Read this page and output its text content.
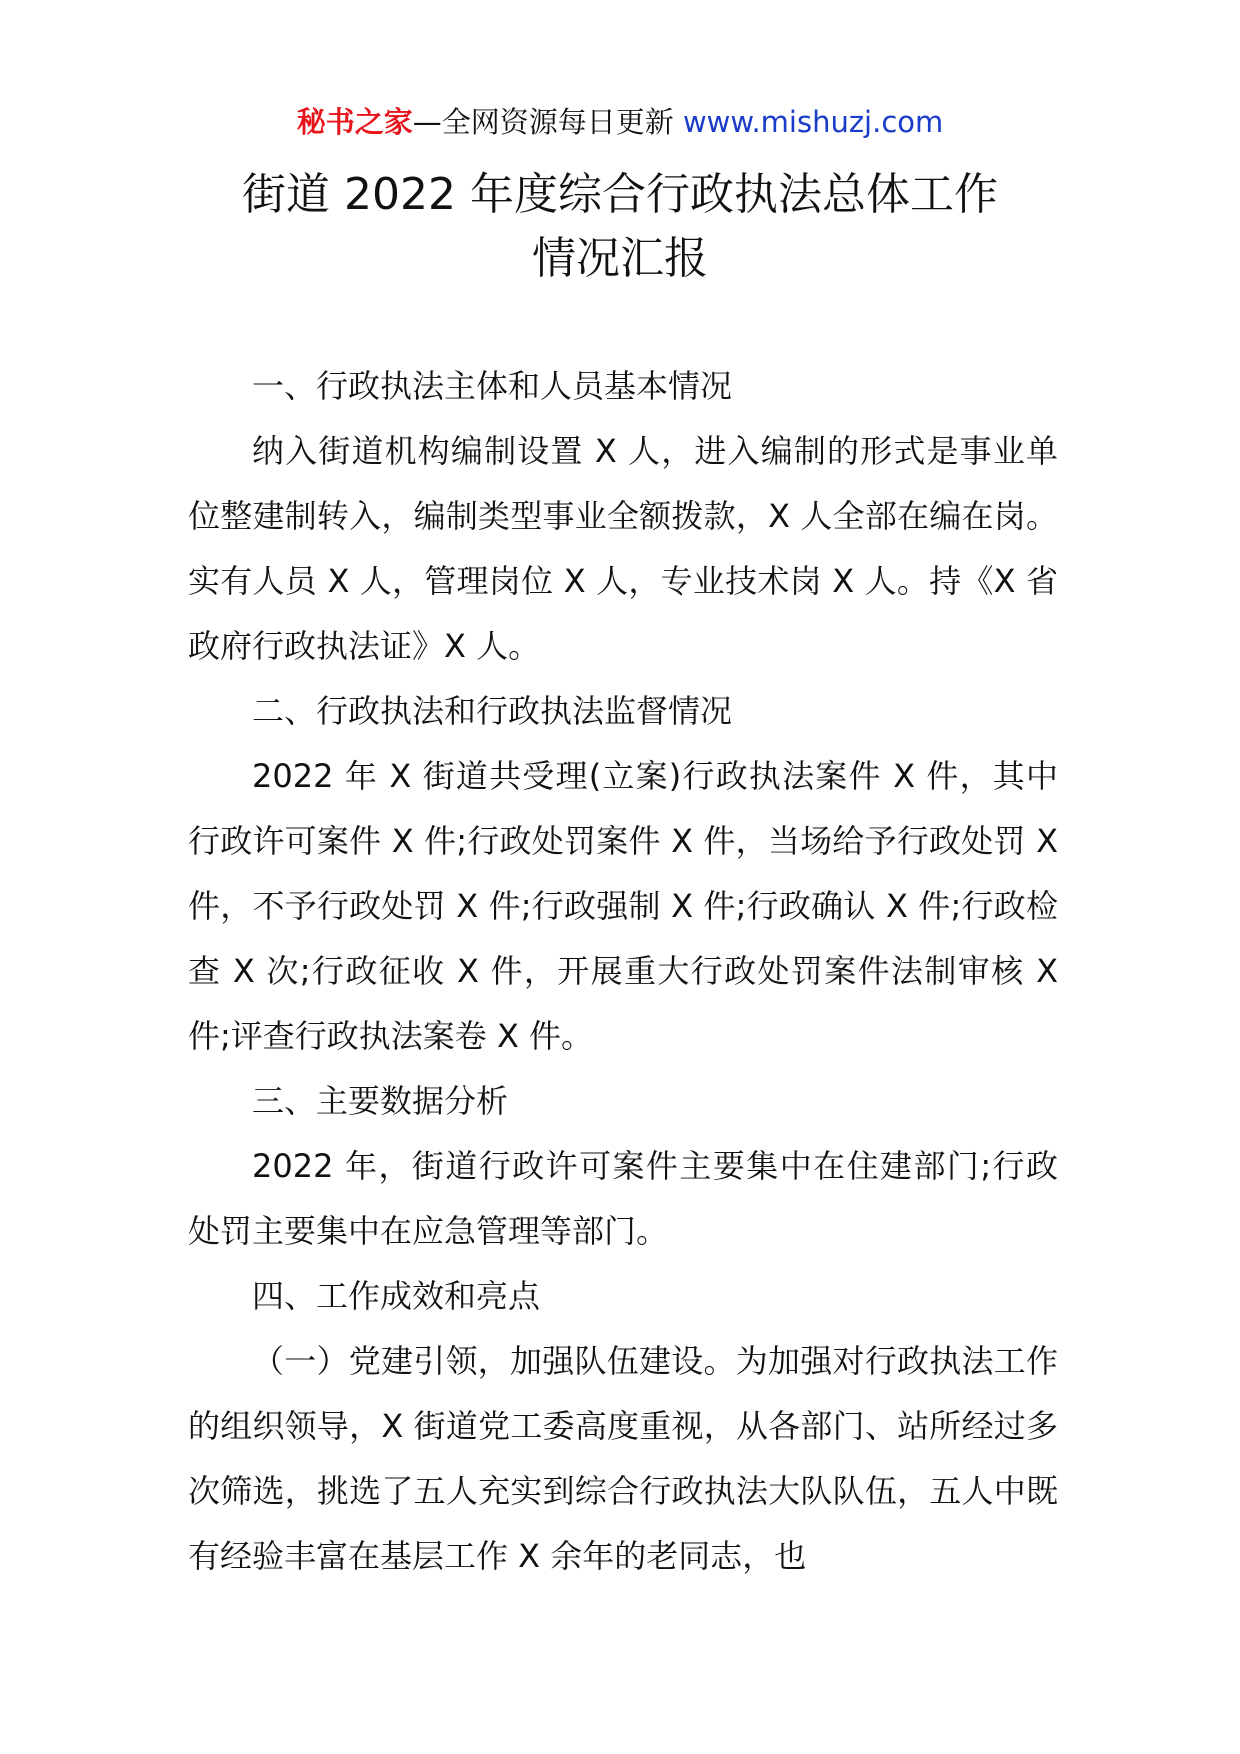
秘书之家—全网资源每日更新 www.mishuzj.com
街道 2022 年度综合行政执法总体工作
情况汇报

一、行政执法主体和人员基本情况

纳入街道机构编制设置 X 人，进入编制的形式是事业单位整建制转入，编制类型事业全额拨款，X 人全部在编在岗。实有人员 X 人，管理岗位 X 人，专业技术岗 X 人。持《X 省政府行政执法证》X 人。

二、行政执法和行政执法监督情况

2022 年 X 街道共受理(立案)行政执法案件 X 件，其中行政许可案件 X 件;行政处罚案件 X 件，当场给予行政处罚 X 件，不予行政处罚 X 件;行政强制 X 件;行政确认 X 件;行政检查 X 次;行政征收 X 件，开展重大行政处罚案件法制审核 X 件;评查行政执法案卷 X 件。

三、主要数据分析

2022 年，街道行政许可案件主要集中在住建部门;行政处罚主要集中在应急管理等部门。

四、工作成效和亮点

（一）党建引领，加强队伍建设。为加强对行政执法工作的组织领导，X 街道党工委高度重视，从各部门、站所经过多次筛选，挑选了五人充实到综合行政执法大队队伍，五人中既有经验丰富在基层工作 X 余年的老同志，也
